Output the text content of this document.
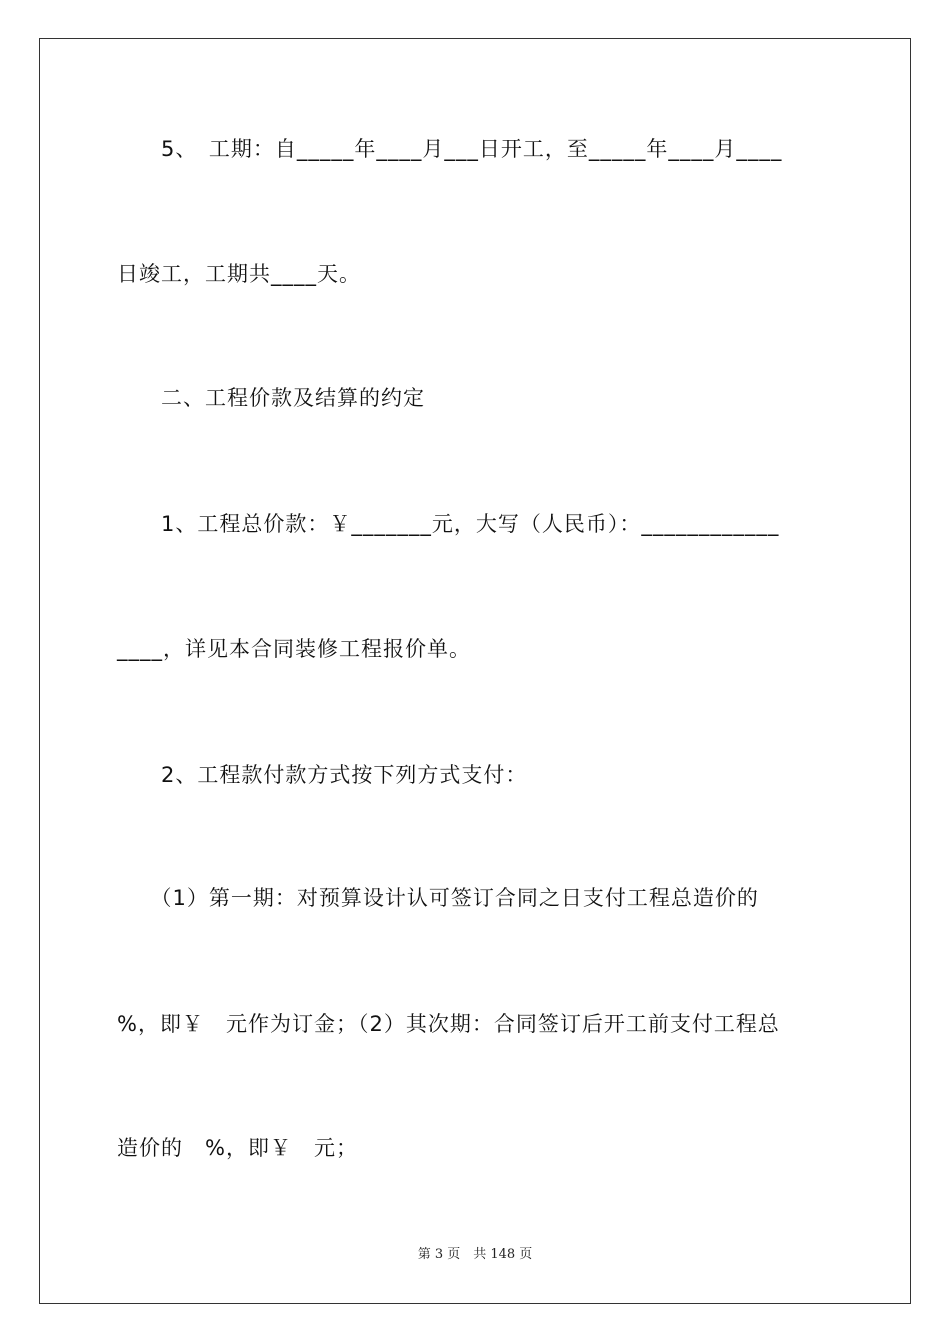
　　5、　工期：自_____年____月___日开工，至_____年____月____
日竣工，工期共____天。
　　二、工程价款及结算的约定
　　1、工程总价款：￥_______元，大写（人民币）：____________
____，详见本合同装修工程报价单。
　　2、工程款付款方式按下列方式支付：
　　（1）第一期：对预算设计认可签订合同之日支付工程总造价的
%，即￥　元作为订金；（2）其次期：合同签订后开工前支付工程总
造价的　%，即￥　元；
第 3 页　共 148 页
